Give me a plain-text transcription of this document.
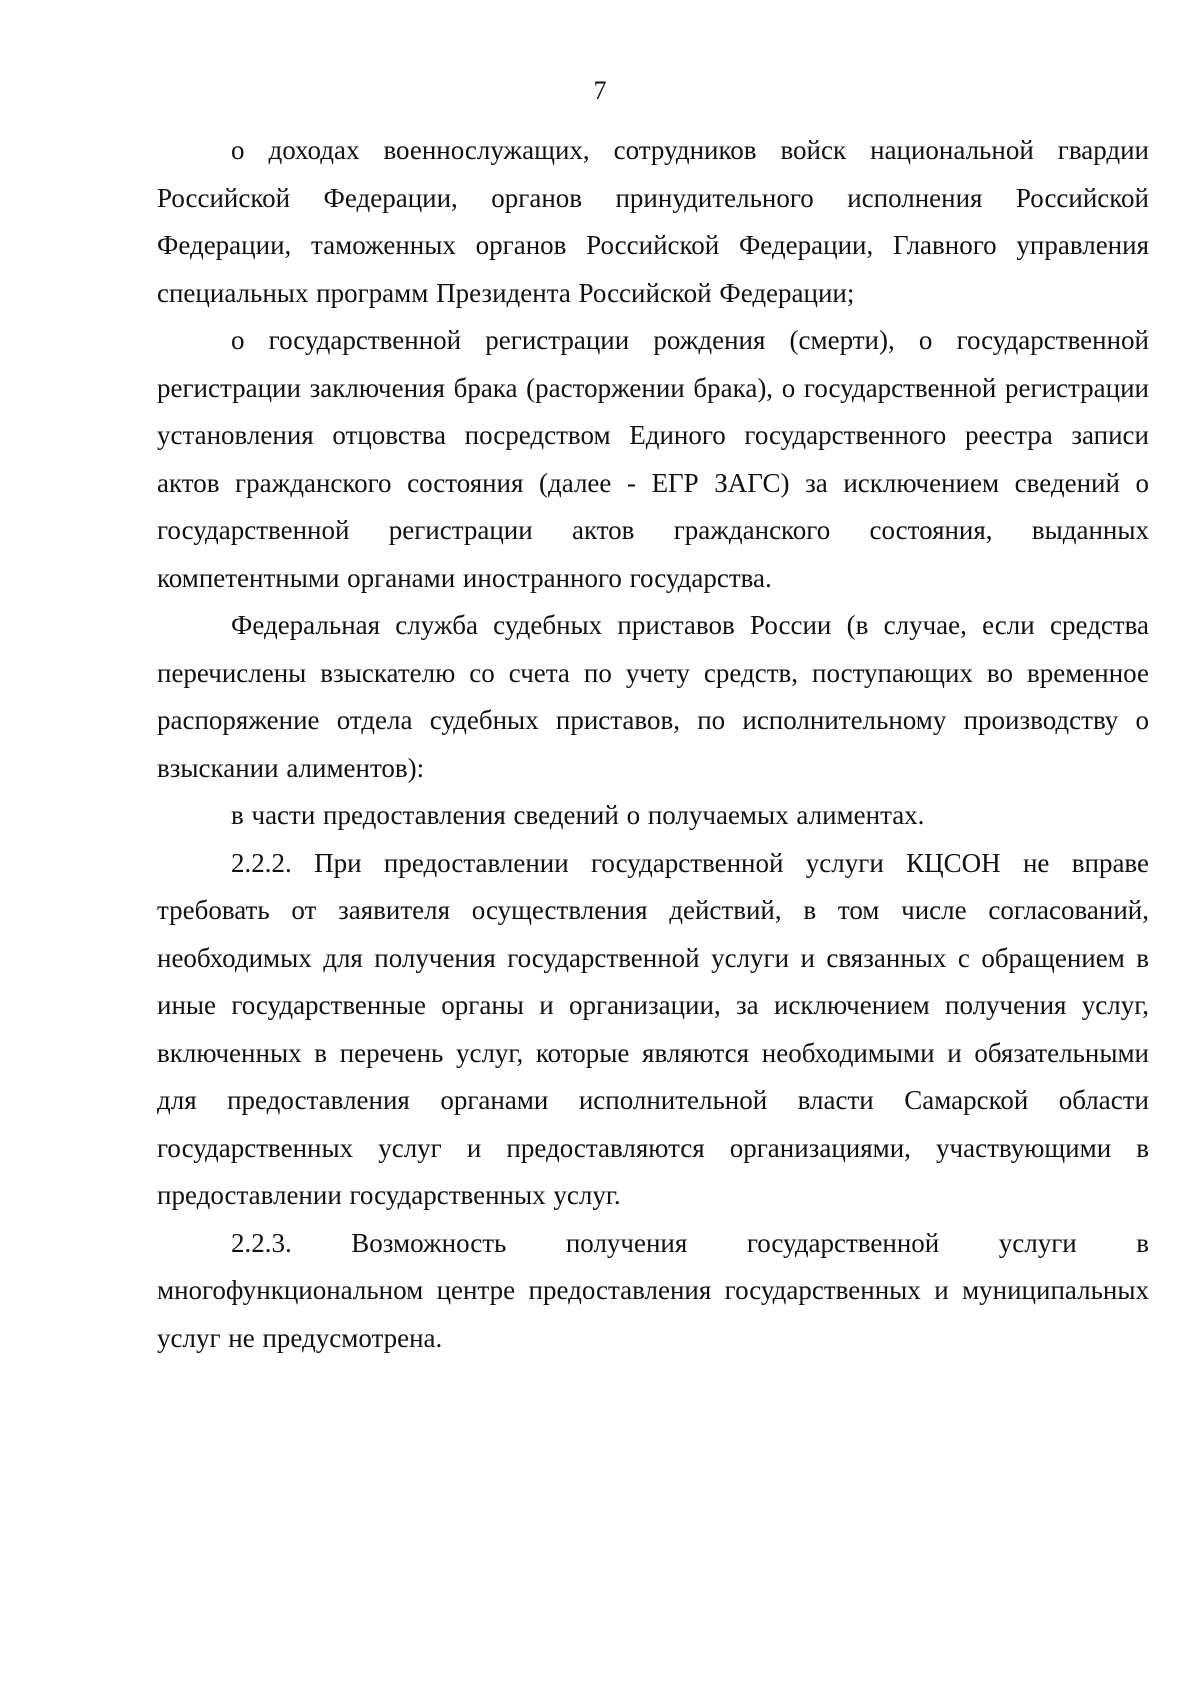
7

о доходах военнослужащих, сотрудников войск национальной гвардии Российской Федерации, органов принудительного исполнения Российской Федерации, таможенных органов Российской Федерации, Главного управления специальных программ Президента Российской Федерации;

о государственной регистрации рождения (смерти), о государственной регистрации заключения брака (расторжении брака), о государственной регистрации установления отцовства посредством Единого государственного реестра записи актов гражданского состояния (далее - ЕГР ЗАГС) за исключением сведений о государственной регистрации актов гражданского состояния, выданных компетентными органами иностранного государства.

Федеральная служба судебных приставов России (в случае, если средства перечислены взыскателю со счета по учету средств, поступающих во временное распоряжение отдела судебных приставов, по исполнительному производству о взыскании алиментов):

в части предоставления сведений о получаемых алиментах.

2.2.2. При предоставлении государственной услуги КЦСОН не вправе требовать от заявителя осуществления действий, в том числе согласований, необходимых для получения государственной услуги и связанных с обращением в иные государственные органы и организации, за исключением получения услуг, включенных в перечень услуг, которые являются необходимыми и обязательными для предоставления органами исполнительной власти Самарской области государственных услуг и предоставляются организациями, участвующими в предоставлении государственных услуг.

2.2.3. Возможность получения государственной услуги в многофункциональном центре предоставления государственных и муниципальных услуг не предусмотрена.
